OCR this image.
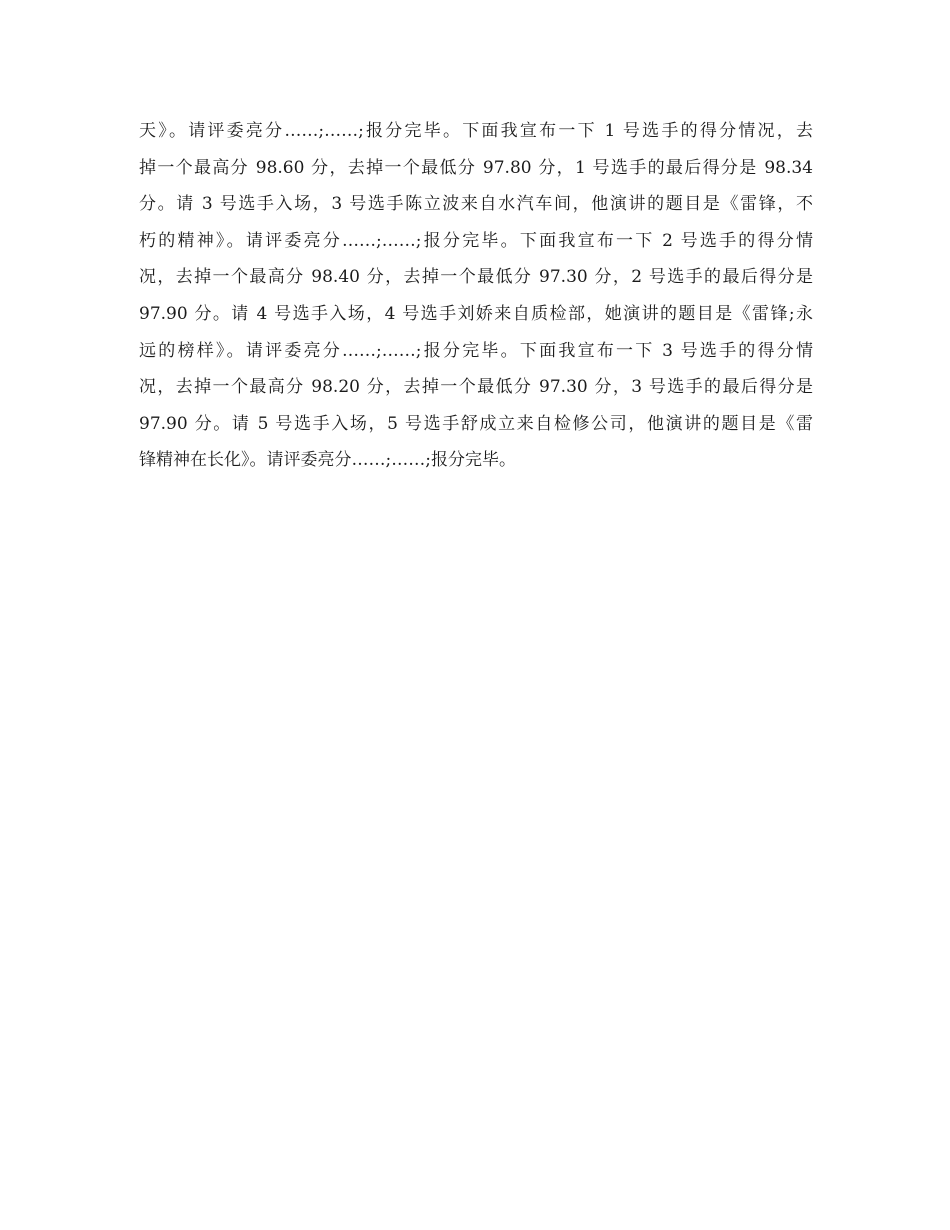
天》。请评委亮分……;……;报分完毕。下面我宣布一下 1 号选手的得分情况，去
掉一个最高分 98.60 分，去掉一个最低分 97.80 分，1 号选手的最后得分是 98.34
分。请 3 号选手入场，3 号选手陈立波来自水汽车间，他演讲的题目是《雷锋，不
朽的精神》。请评委亮分……;……;报分完毕。下面我宣布一下 2 号选手的得分情
况，去掉一个最高分 98.40 分，去掉一个最低分 97.30 分，2 号选手的最后得分是
97.90 分。请 4 号选手入场，4 号选手刘娇来自质检部，她演讲的题目是《雷锋;永
远的榜样》。请评委亮分……;……;报分完毕。下面我宣布一下 3 号选手的得分情
况，去掉一个最高分 98.20 分，去掉一个最低分 97.30 分，3 号选手的最后得分是
97.90 分。请 5 号选手入场，5 号选手舒成立来自检修公司，他演讲的题目是《雷
锋精神在长化》。请评委亮分……;……;报分完毕。
